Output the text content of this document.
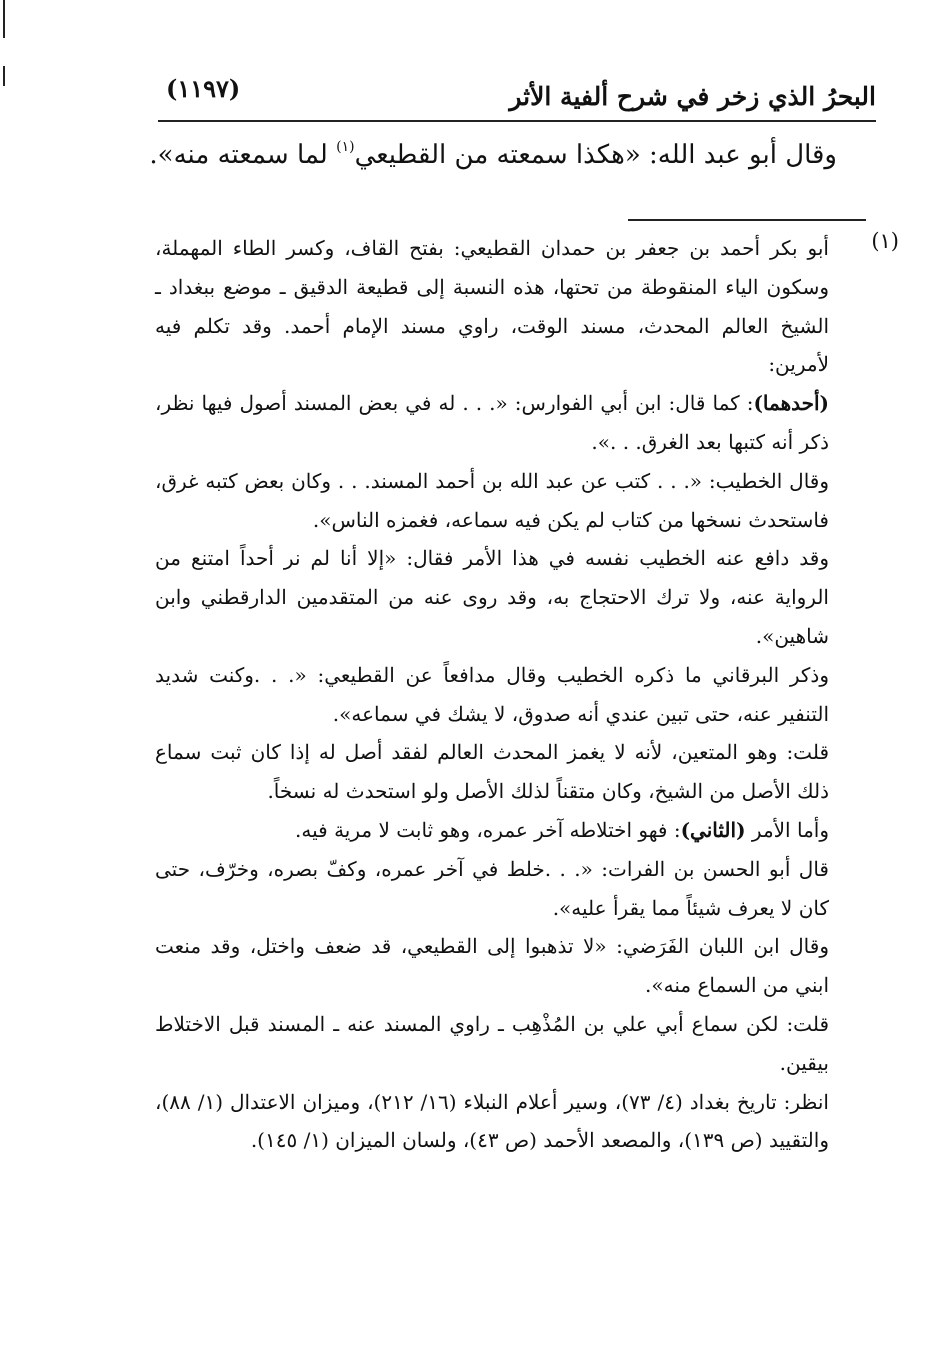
البحرُ الذي زخر في شرح ألفية الأثر
(١١٩٧)
وقال أبو عبد الله: «هكذا سمعته من القطيعي$^{(١)}$ لما سمعته منه».
(١)

أبو بكر أحمد بن جعفر بن حمدان القطيعي: بفتح القاف، وكسر الطاء المهملة، وسكون الياء المنقوطة من تحتها، هذه النسبة إلى قطيعة الدقيق ـ موضع ببغداد ـ الشيخ العالم المحدث، مسند الوقت، راوي مسند الإمام أحمد. وقد تكلم فيه لأمرين:

(أحدهما): كما قال: ابن أبي الفوارس: «. . . له في بعض المسند أصول فيها نظر، ذكر أنه كتبها بعد الغرق. . .».

وقال الخطيب: «. . . كتب عن عبد الله بن أحمد المسند. . . وكان بعض كتبه غرق، فاستحدث نسخها من كتاب لم يكن فيه سماعه، فغمزه الناس».

وقد دافع عنه الخطيب نفسه في هذا الأمر فقال: «إلا أنا لم نر أحداً امتنع من الرواية عنه، ولا ترك الاحتجاج به، وقد روى عنه من المتقدمين الدارقطني وابن شاهين».

وذكر البرقاني ما ذكره الخطيب وقال مدافعاً عن القطيعي: «. . .وكنت شديد التنفير عنه، حتى تبين عندي أنه صدوق، لا يشك في سماعه».

قلت: وهو المتعين، لأنه لا يغمز المحدث العالم لفقد أصل له إذا كان ثبت سماع ذلك الأصل من الشيخ، وكان متقناً لذلك الأصل ولو استحدث له نسخاً.

وأما الأمر (الثاني): فهو اختلاطه آخر عمره، وهو ثابت لا مرية فيه.

قال أبو الحسن بن الفرات: «. . .خلط في آخر عمره، وكفّ بصره، وخرّف، حتى كان لا يعرف شيئاً مما يقرأ عليه».

وقال ابن اللبان الفَرَضي: «لا تذهبوا إلى القطيعي، قد ضعف واختل، وقد منعت ابني من السماع منه».

قلت: لكن سماع أبي علي بن المُذْهِب ـ راوي المسند عنه ـ المسند قبل الاختلاط بيقين.

انظر: تاريخ بغداد (٤/ ٧٣)، وسير أعلام النبلاء (١٦/ ٢١٢)، وميزان الاعتدال (١/ ٨٨)، والتقييد (ص ١٣٩)، والمصعد الأحمد (ص ٤٣)، ولسان الميزان (١/ ١٤٥).
